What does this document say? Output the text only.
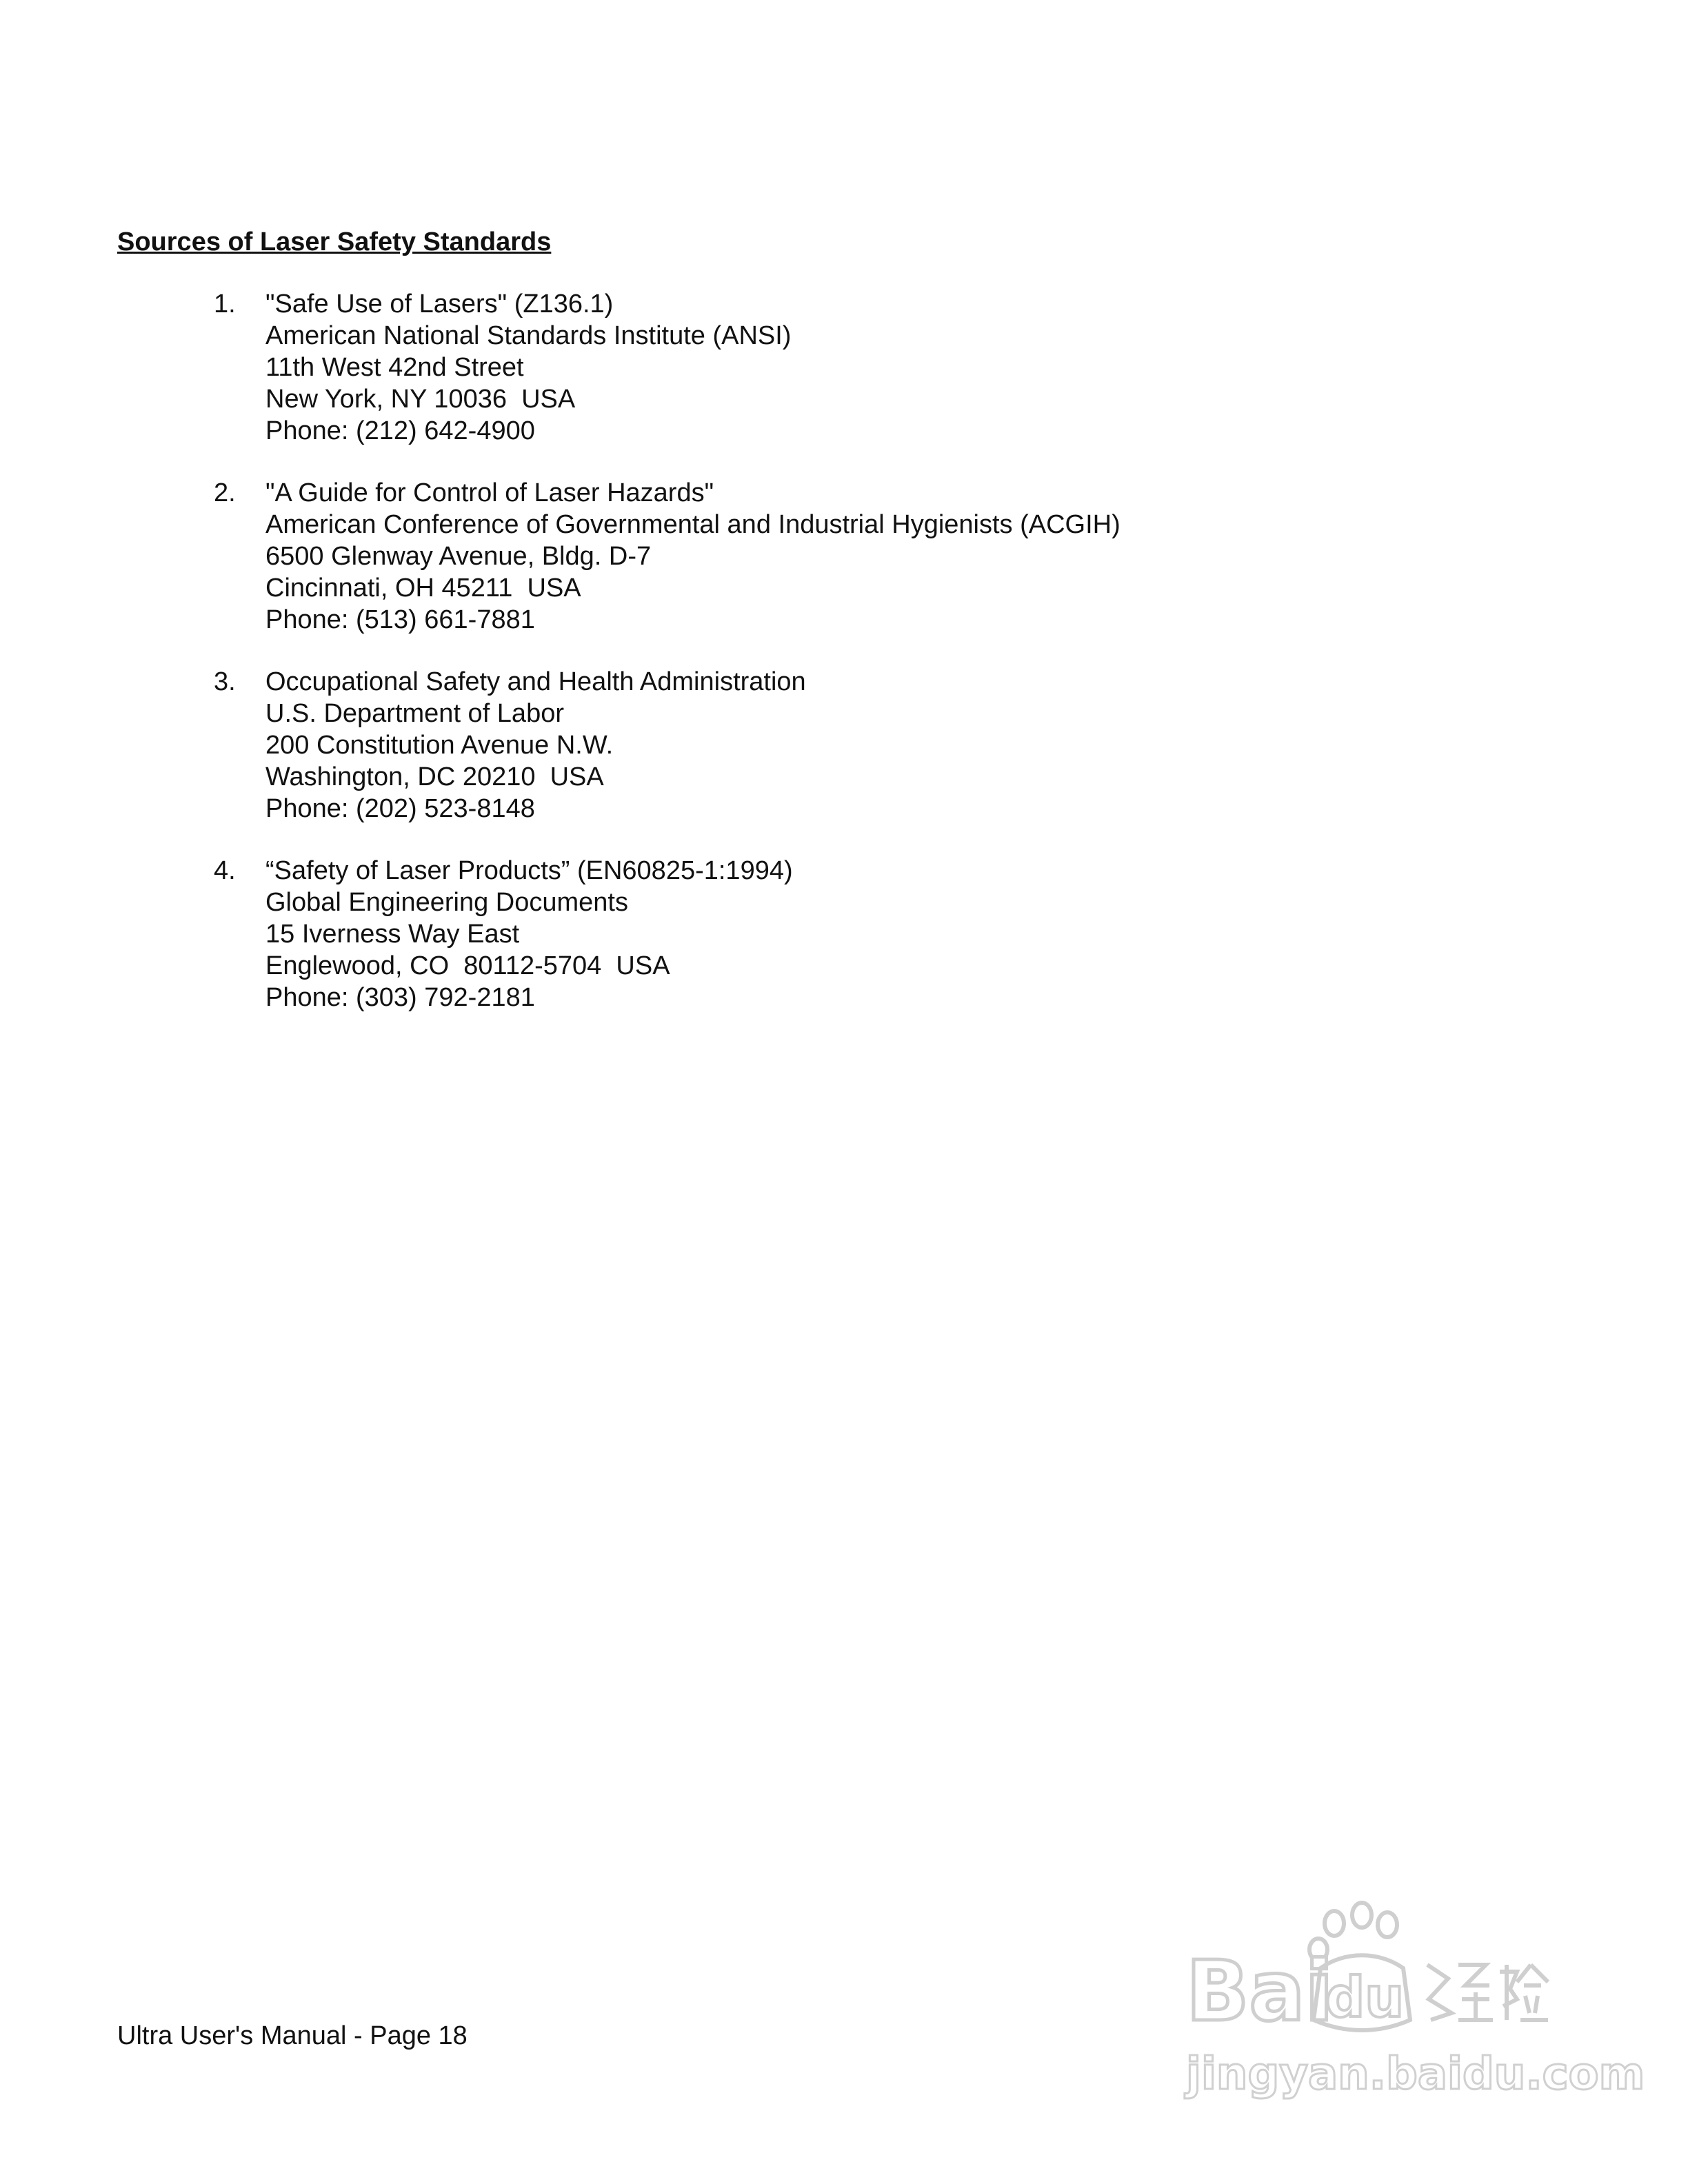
Sources of Laser Safety Standards
1. "Safe Use of Lasers" (Z136.1)
American National Standards Institute (ANSI)
11th West 42nd Street
New York, NY 10036  USA
Phone: (212) 642-4900
2. "A Guide for Control of Laser Hazards"
American Conference of Governmental and Industrial Hygienists (ACGIH)
6500 Glenway Avenue, Bldg. D-7
Cincinnati, OH 45211  USA
Phone: (513) 661-7881
3. Occupational Safety and Health Administration
U.S. Department of Labor
200 Constitution Avenue N.W.
Washington, DC 20210  USA
Phone: (202) 523-8148
4. “Safety of Laser Products” (EN60825-1:1994)
Global Engineering Documents
15 Iverness Way East
Englewood, CO  80112-5704  USA
Phone: (303) 792-2181
Ultra User's Manual - Page 18	Bai
du
jingyan.baidu.com
